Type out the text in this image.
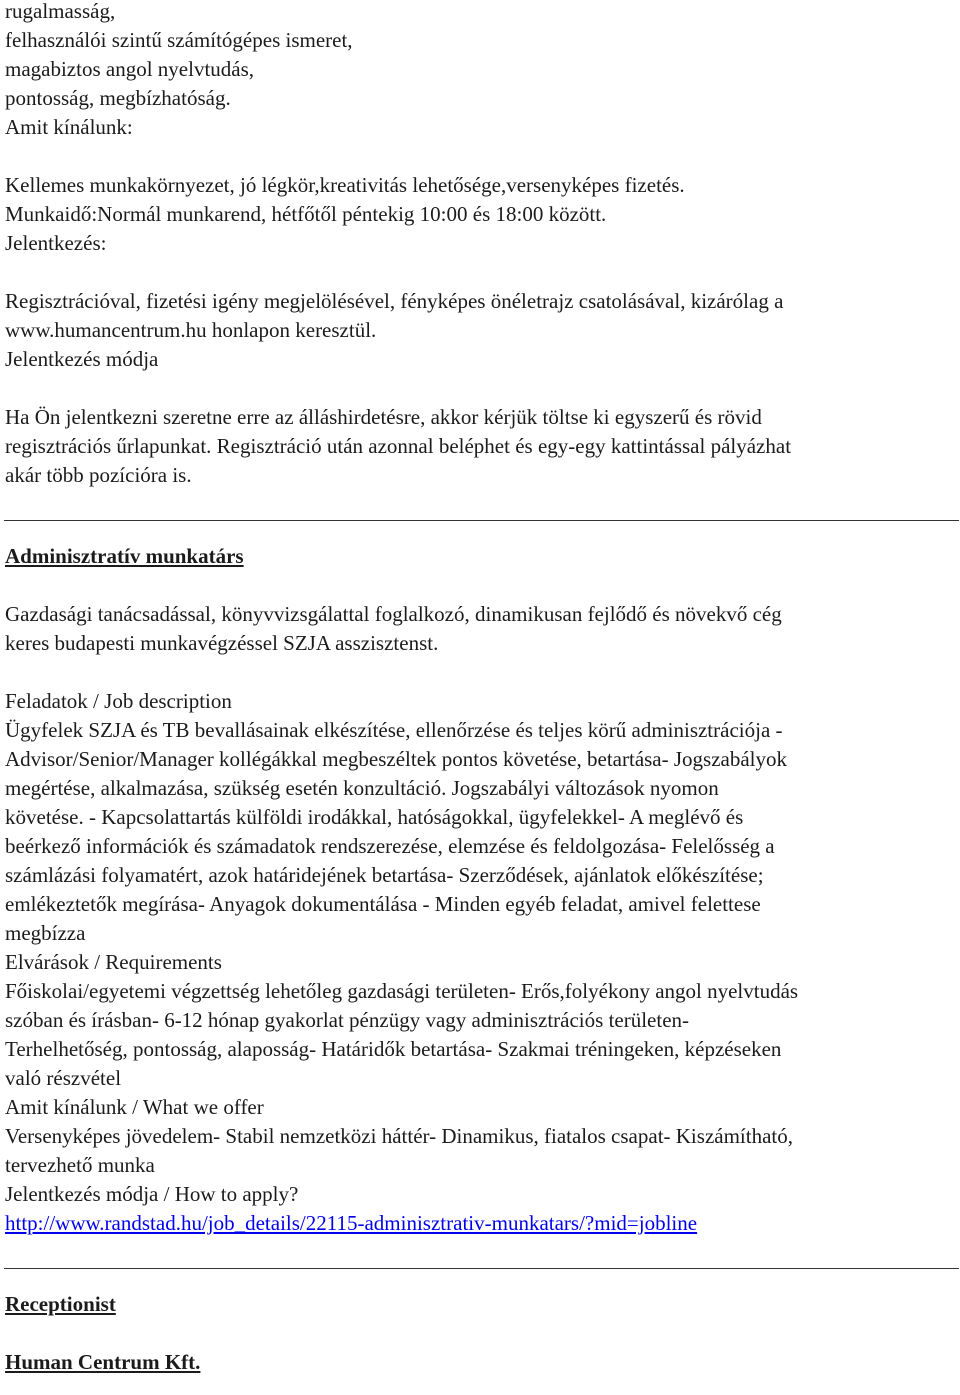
rugalmasság,
felhasználói szintű számítógépes ismeret,
magabiztos angol nyelvtudás,
pontosság, megbízhatóság.
Amit kínálunk:
Kellemes munkakörnyezet, jó légkör,kreativitás lehetősége,versenyképes fizetés.
Munkaidő:Normál munkarend, hétfőtől péntekig 10:00 és 18:00 között.
Jelentkezés:
Regisztrációval, fizetési igény megjelölésével, fényképes önéletrajz csatolásával, kizárólag a
www.humancentrum.hu honlapon keresztül.
Jelentkezés módja
Ha Ön jelentkezni szeretne erre az álláshirdetésre, akkor kérjük töltse ki egyszerű és rövid
regisztrációs űrlapunkat. Regisztráció után azonnal beléphet és egy-egy kattintással pályázhat
akár több pozícióra is.
Adminisztratív munkatárs
Gazdasági tanácsadással, könyvvizsgálattal foglalkozó, dinamikusan fejlődő és növekvő cég
keres budapesti munkavégzéssel SZJA asszisztenst.
Feladatok / Job description
Ügyfelek SZJA és TB bevallásainak elkészítése, ellenőrzése és teljes körű adminisztrációja -
Advisor/Senior/Manager kollégákkal megbeszéltek pontos követése, betartása- Jogszabályok
megértése, alkalmazása, szükség esetén konzultáció. Jogszabályi változások nyomon
követése. - Kapcsolattartás külföldi irodákkal, hatóságokkal, ügyfelekkel- A meglévő és
beérkező információk és számadatok rendszerezése, elemzése és feldolgozása- Felelősség a
számlázási folyamatért, azok határidejének betartása- Szerződések, ajánlatok előkészítése;
emlékeztetők megírása- Anyagok dokumentálása - Minden egyéb feladat, amivel felettese
megbízza
Elvárások / Requirements
Főiskolai/egyetemi végzettség lehetőleg gazdasági területen- Erős,folyékony angol nyelvtudás
szóban és írásban- 6-12 hónap gyakorlat pénzügy vagy adminisztrációs területen-
Terhelhetőség, pontosság, alaposság- Határidők betartása- Szakmai tréningeken, képzéseken
való részvétel
Amit kínálunk / What we offer
Versenyképes jövedelem- Stabil nemzetközi háttér- Dinamikus, fiatalos csapat- Kiszámítható,
tervezhető munka
Jelentkezés módja / How to apply?
http://www.randstad.hu/job_details/22115-adminisztrativ-munkatars/?mid=jobline
Receptionist
Human Centrum Kft.
